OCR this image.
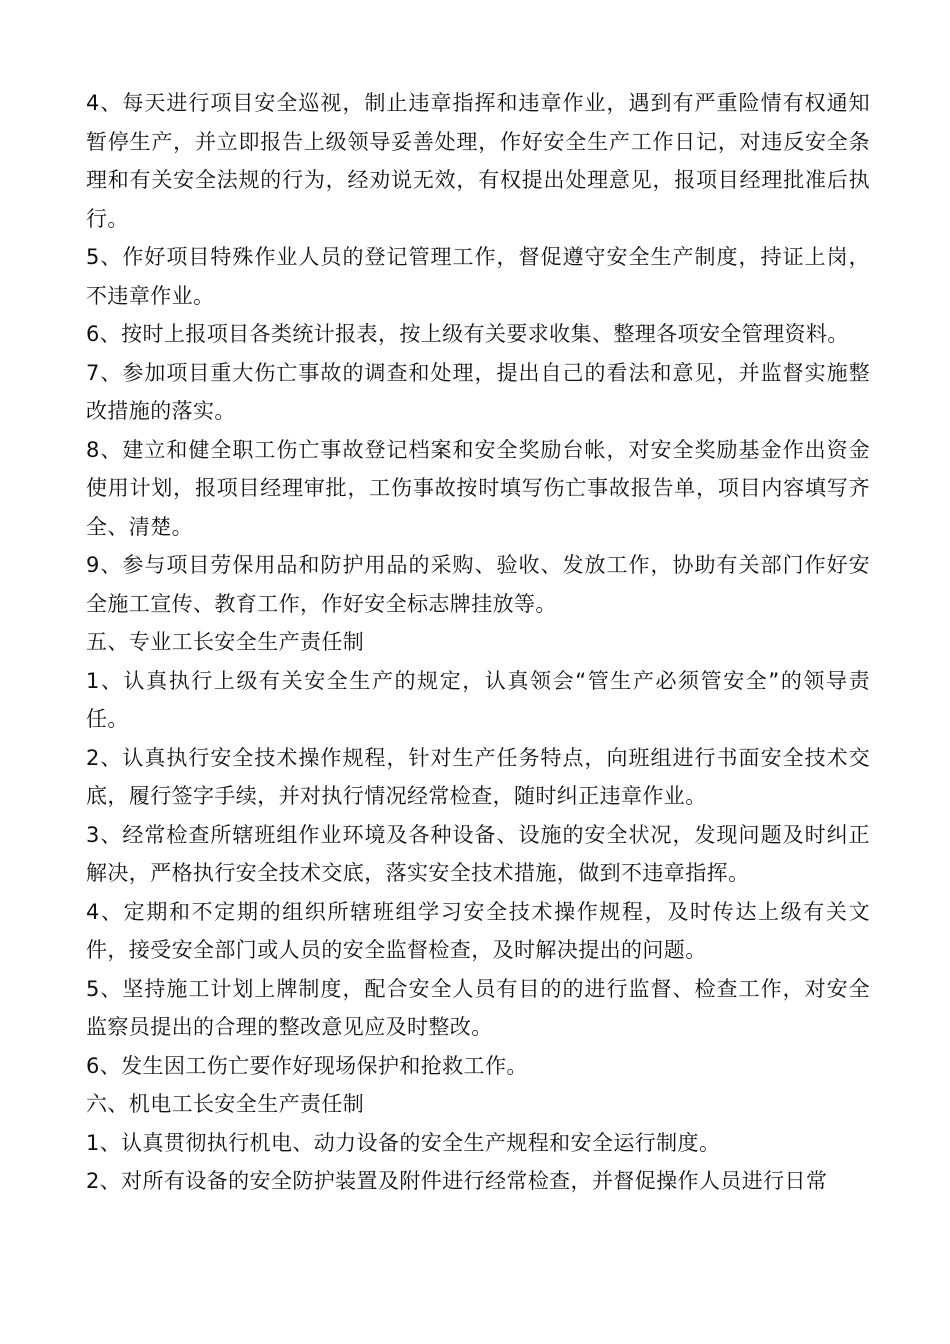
4、每天进行项目安全巡视，制止违章指挥和违章作业，遇到有严重险情有权通知暂停生产，并立即报告上级领导妥善处理，作好安全生产工作日记，对违反安全条理和有关安全法规的行为，经劝说无效，有权提出处理意见，报项目经理批准后执行。

5、作好项目特殊作业人员的登记管理工作，督促遵守安全生产制度，持证上岗，不违章作业。

6、按时上报项目各类统计报表，按上级有关要求收集、整理各项安全管理资料。

7、参加项目重大伤亡事故的调查和处理，提出自己的看法和意见，并监督实施整改措施的落实。

8、建立和健全职工伤亡事故登记档案和安全奖励台帐，对安全奖励基金作出资金使用计划，报项目经理审批，工伤事故按时填写伤亡事故报告单，项目内容填写齐全、清楚。

9、参与项目劳保用品和防护用品的采购、验收、发放工作，协助有关部门作好安全施工宣传、教育工作，作好安全标志牌挂放等。

五、专业工长安全生产责任制

1、认真执行上级有关安全生产的规定，认真领会“管生产必须管安全”的领导责任。

2、认真执行安全技术操作规程，针对生产任务特点，向班组进行书面安全技术交底，履行签字手续，并对执行情况经常检查，随时纠正违章作业。

3、经常检查所辖班组作业环境及各种设备、设施的安全状况，发现问题及时纠正解决，严格执行安全技术交底，落实安全技术措施，做到不违章指挥。

4、定期和不定期的组织所辖班组学习安全技术操作规程，及时传达上级有关文件，接受安全部门或人员的安全监督检查，及时解决提出的问题。

5、坚持施工计划上牌制度，配合安全人员有目的的进行监督、检查工作，对安全监察员提出的合理的整改意见应及时整改。

6、发生因工伤亡要作好现场保护和抢救工作。

六、机电工长安全生产责任制

1、认真贯彻执行机电、动力设备的安全生产规程和安全运行制度。

2、对所有设备的安全防护装置及附件进行经常检查，并督促操作人员进行日常
